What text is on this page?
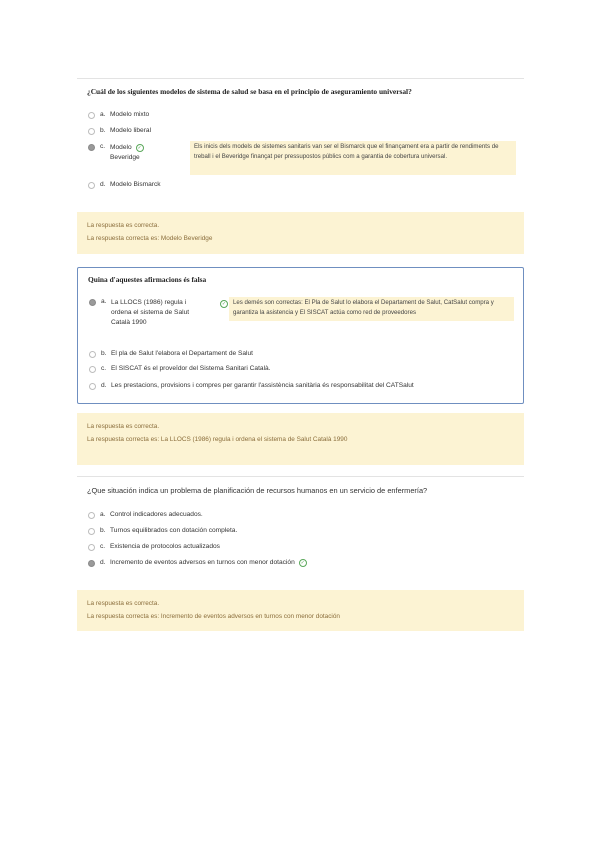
¿Cuál de los siguientes modelos de sistema de salud se basa en el principio de aseguramiento universal?
a. Modelo mixto
b. Modelo liberal
c. Modelo ✓
Beveridge
Els inicis dels models de sistemes sanitaris van ser el Bismarck que el finançament era a partir de rendiments de treball i el Beveridge finançat per pressupostos públics com a garantia de cobertura universal.
d. Modelo Bismarck
La respuesta es correcta.
La respuesta correcta es: Modelo Beveridge
Quina d'aquestes afirmacions és falsa
a. La LLOCS (1986) regula i ordena el sistema de Salut Català 1990
✓	Les demés son correctas: El Pla de Salut lo elabora el Departament de Salut, CatSalut compra y garantiza la asistencia y El SISCAT actúa como red de proveedores
b. El pla de Salut l'elabora el Departament de Salut
c. El SISCAT és el proveïdor del Sistema Sanitari Català.
d. Les prestacions, provisions i compres per garantir l'assistència sanitària és responsabilitat del CATSalut
La respuesta es correcta.
La respuesta correcta es: La LLOCS (1986) regula i ordena el sistema de Salut Català 1990
¿Que situación indica un problema de planificación de recursos humanos en un servicio de enfermería?
a. Control indicadores adecuados.
b. Turnos equilibrados con dotación completa.
c. Existencia de protocolos actualizados
d. Incremento de eventos adversos en turnos con menor dotación	✓
La respuesta es correcta.
La respuesta correcta es: Incremento de eventos adversos en turnos con menor dotación
